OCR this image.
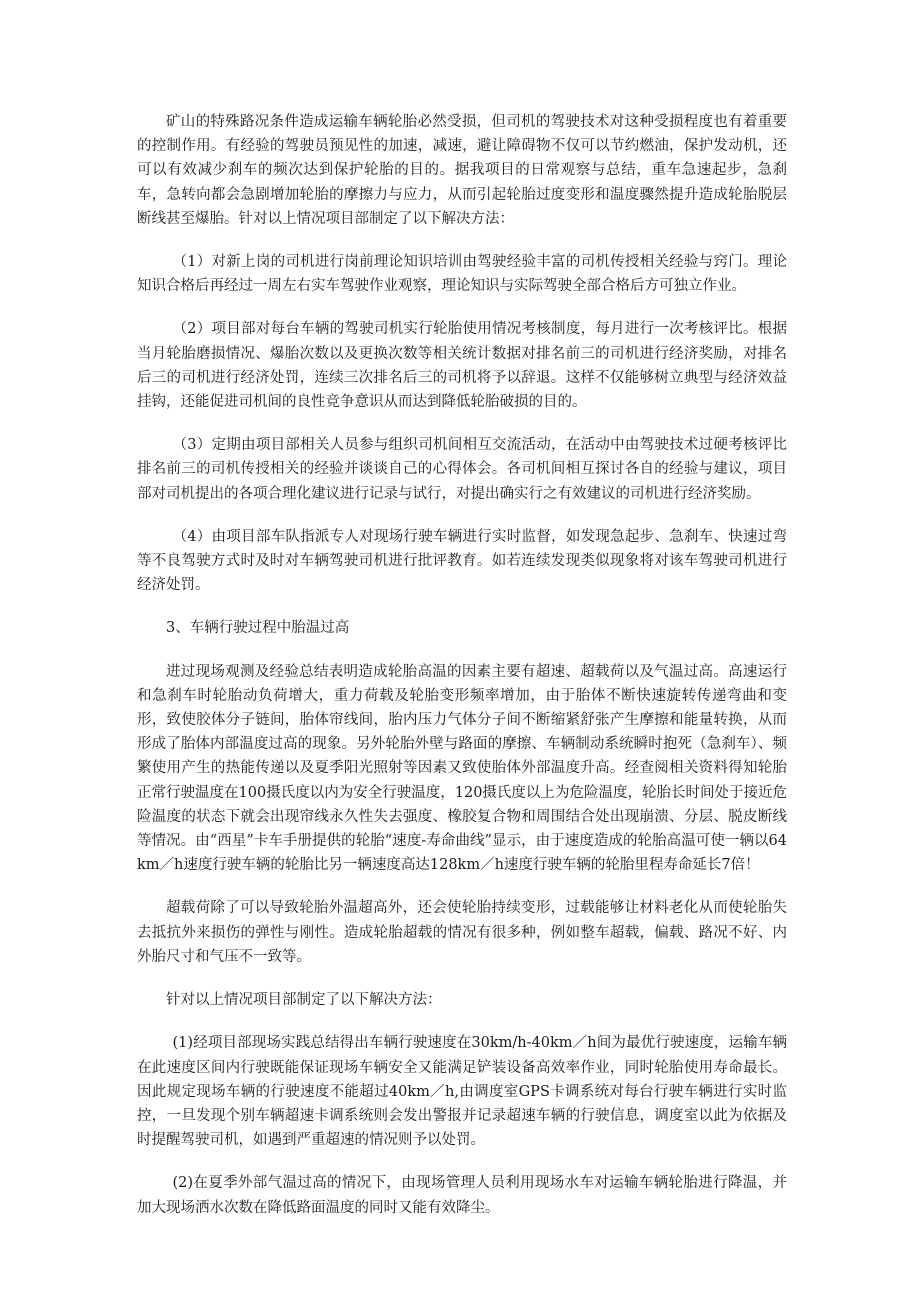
矿山的特殊路况条件造成运输车辆轮胎必然受损，但司机的驾驶技术对这种受损程度也有着重要的控制作用。有经验的驾驶员预见性的加速，减速，避让障碍物不仅可以节约燃油，保护发动机，还可以有效减少刹车的频次达到保护轮胎的目的。据我项目的日常观察与总结，重车急速起步，急刹车，急转向都会急剧增加轮胎的摩擦力与应力，从而引起轮胎过度变形和温度骤然提升造成轮胎脱层断线甚至爆胎。针对以上情况项目部制定了以下解决方法：

（1）对新上岗的司机进行岗前理论知识培训由驾驶经验丰富的司机传授相关经验与窍门。理论知识合格后再经过一周左右实车驾驶作业观察，理论知识与实际驾驶全部合格后方可独立作业。

（2）项目部对每台车辆的驾驶司机实行轮胎使用情况考核制度，每月进行一次考核评比。根据当月轮胎磨损情况、爆胎次数以及更换次数等相关统计数据对排名前三的司机进行经济奖励，对排名后三的司机进行经济处罚，连续三次排名后三的司机将予以辞退。这样不仅能够树立典型与经济效益挂钩，还能促进司机间的良性竞争意识从而达到降低轮胎破损的目的。

（3）定期由项目部相关人员参与组织司机间相互交流活动，在活动中由驾驶技术过硬考核评比排名前三的司机传授相关的经验并谈谈自己的心得体会。各司机间相互探讨各自的经验与建议，项目部对司机提出的各项合理化建议进行记录与试行，对提出确实行之有效建议的司机进行经济奖励。

（4）由项目部车队指派专人对现场行驶车辆进行实时监督，如发现急起步、急刹车、快速过弯等不良驾驶方式时及时对车辆驾驶司机进行批评教育。如若连续发现类似现象将对该车驾驶司机进行经济处罚。

3、车辆行驶过程中胎温过高

进过现场观测及经验总结表明造成轮胎高温的因素主要有超速、超载荷以及气温过高。高速运行和急刹车时轮胎动负荷增大，重力荷载及轮胎变形频率增加，由于胎体不断快速旋转传递弯曲和变形，致使胶体分子链间，胎体帘线间，胎内压力气体分子间不断缩紧舒张产生摩擦和能量转换，从而形成了胎体内部温度过高的现象。另外轮胎外壁与路面的摩擦、车辆制动系统瞬时抱死（急刹车）、频繁使用产生的热能传递以及夏季阳光照射等因素又致使胎体外部温度升高。经查阅相关资料得知轮胎正常行驶温度在100摄氏度以内为安全行驶温度，120摄氏度以上为危险温度，轮胎长时间处于接近危险温度的状态下就会出现帘线永久性失去强度、橡胶复合物和周围结合处出现崩溃、分层、脱皮断线等情况。由“西星”卡车手册提供的轮胎“速度-寿命曲线”显示，由于速度造成的轮胎高温可使一辆以64km／h速度行驶车辆的轮胎比另一辆速度高达128km／h速度行驶车辆的轮胎里程寿命延长7倍！

超载荷除了可以导致轮胎外温超高外，还会使轮胎持续变形，过载能够让材料老化从而使轮胎失去抵抗外来损伤的弹性与刚性。造成轮胎超载的情况有很多种，例如整车超载，偏载、路况不好、内外胎尺寸和气压不一致等。

针对以上情况项目部制定了以下解决方法：

(1)经项目部现场实践总结得出车辆行驶速度在30km/h-40km／h间为最优行驶速度，运输车辆在此速度区间内行驶既能保证现场车辆安全又能满足铲装设备高效率作业，同时轮胎使用寿命最长。因此规定现场车辆的行驶速度不能超过40km／h,由调度室GPS卡调系统对每台行驶车辆进行实时监控，一旦发现个别车辆超速卡调系统则会发出警报并记录超速车辆的行驶信息，调度室以此为依据及时提醒驾驶司机，如遇到严重超速的情况则予以处罚。

(2)在夏季外部气温过高的情况下，由现场管理人员利用现场水车对运输车辆轮胎进行降温，并加大现场洒水次数在降低路面温度的同时又能有效降尘。
